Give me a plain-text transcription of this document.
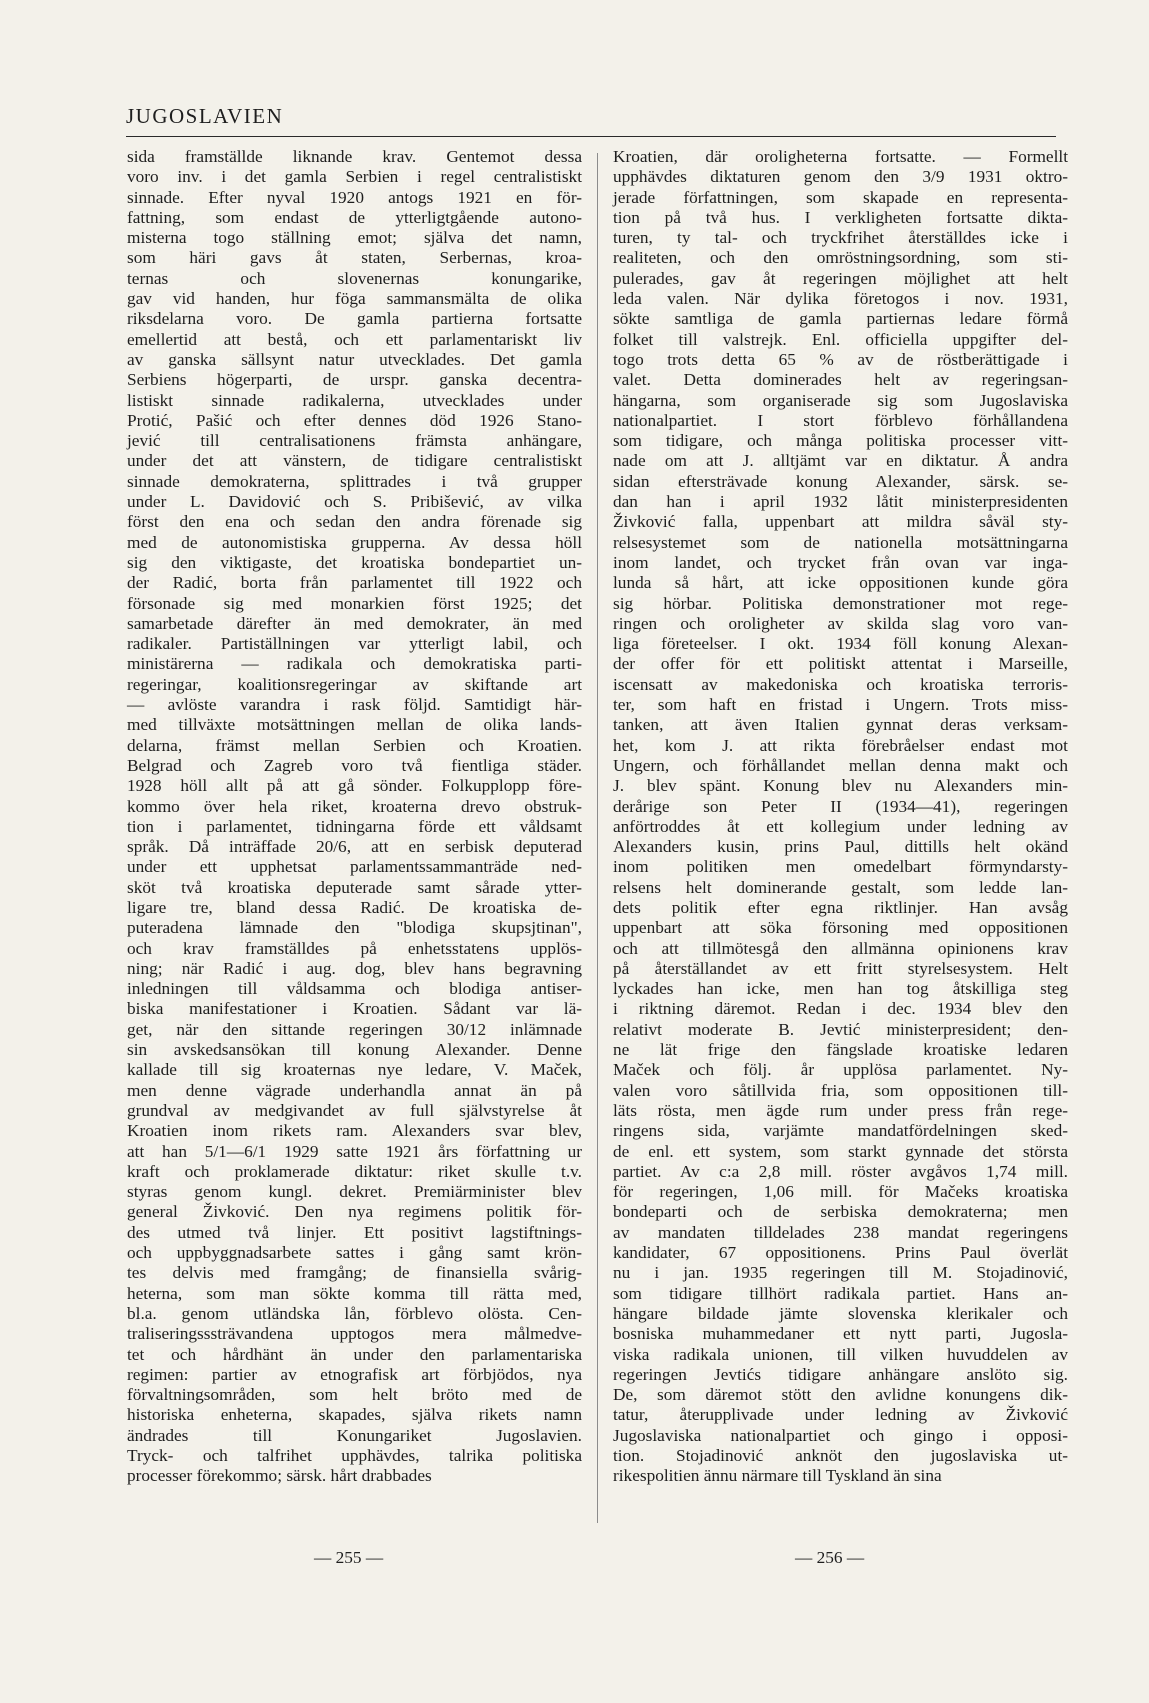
JUGOSLAVIEN
sida framställde liknande krav. Gentemot dessa
voro inv. i det gamla Serbien i regel centralistiskt
sinnade. Efter nyval 1920 antogs 1921 en för-
fattning, som endast de ytterligtgående autono-
misterna togo ställning emot; själva det namn,
som häri gavs åt staten, Serbernas, kroa-
ternas och slovenernas konungarike,
gav vid handen, hur föga sammansmälta de olika
riksdelarna voro. De gamla partierna fortsatte
emellertid att bestå, och ett parlamentariskt liv
av ganska sällsynt natur utvecklades. Det gamla
Serbiens högerparti, de urspr. ganska decentra-
listiskt sinnade radikalerna, utvecklades under
Protić, Pašić och efter dennes död 1926 Stano-
jević till centralisationens främsta anhängare,
under det att vänstern, de tidigare centralistiskt
sinnade demokraterna, splittrades i två grupper
under L. Davidović och S. Pribišević, av vilka
först den ena och sedan den andra förenade sig
med de autonomistiska grupperna. Av dessa höll
sig den viktigaste, det kroatiska bondepartiet un-
der Radić, borta från parlamentet till 1922 och
försonade sig med monarkien först 1925; det
samarbetade därefter än med demokrater, än med
radikaler. Partiställningen var ytterligt labil, och
ministärerna — radikala och demokratiska parti-
regeringar, koalitionsregeringar av skiftande art
— avlöste varandra i rask följd. Samtidigt här-
med tillväxte motsättningen mellan de olika lands-
delarna, främst mellan Serbien och Kroatien.
Belgrad och Zagreb voro två fientliga städer.
1928 höll allt på att gå sönder. Folkupplopp före-
kommo över hela riket, kroaterna drevo obstruk-
tion i parlamentet, tidningarna förde ett våldsamt
språk. Då inträffade 20/6, att en serbisk deputerad
under ett upphetsat parlamentssammanträde ned-
sköt två kroatiska deputerade samt sårade ytter-
ligare tre, bland dessa Radić. De kroatiska de-
puteradena lämnade den "blodiga skupsjtinan",
och krav framställdes på enhetsstatens upplös-
ning; när Radić i aug. dog, blev hans begravning
inledningen till våldsamma och blodiga antiser-
biska manifestationer i Kroatien. Sådant var lä-
get, när den sittande regeringen 30/12 inlämnade
sin avskedsansökan till konung Alexander. Denne
kallade till sig kroaternas nye ledare, V. Maček,
men denne vägrade underhandla annat än på
grundval av medgivandet av full självstyrelse åt
Kroatien inom rikets ram. Alexanders svar blev,
att han 5/1—6/1 1929 satte 1921 års författning ur
kraft och proklamerade diktatur: riket skulle t.v.
styras genom kungl. dekret. Premiärminister blev
general Živković. Den nya regimens politik för-
des utmed två linjer. Ett positivt lagstiftnings-
och uppbyggnadsarbete sattes i gång samt krön-
tes delvis med framgång; de finansiella svårig-
heterna, som man sökte komma till rätta med,
bl.a. genom utländska lån, förblevo olösta. Cen-
traliseringsssträvandena upptogos mera målmedve-
tet och hårdhänt än under den parlamentariska
regimen: partier av etnografisk art förbjödos, nya
förvaltningsområden, som helt bröto med de
historiska enheterna, skapades, själva rikets namn
ändrades till Konungariket Jugoslavien.
Tryck- och talfrihet upphävdes, talrika politiska
processer förekommo; särsk. hårt drabbades
Kroatien, där oroligheterna fortsatte. — Formellt
upphävdes diktaturen genom den 3/9 1931 oktro-
jerade författningen, som skapade en representa-
tion på två hus. I verkligheten fortsatte dikta-
turen, ty tal- och tryckfrihet återställdes icke i
realiteten, och den omröstningsordning, som sti-
pulerades, gav åt regeringen möjlighet att helt
leda valen. När dylika företogos i nov. 1931,
sökte samtliga de gamla partiernas ledare förmå
folket till valstrejk. Enl. officiella uppgifter del-
togo trots detta 65 % av de röstberättigade i
valet. Detta dominerades helt av regeringsan-
hängarna, som organiserade sig som Jugoslaviska
nationalpartiet. I stort förblevo förhållandena
som tidigare, och många politiska processer vitt-
nade om att J. alltjämt var en diktatur. Å andra
sidan eftersträvade konung Alexander, särsk. se-
dan han i april 1932 låtit ministerpresidenten
Živković falla, uppenbart att mildra såväl sty-
relsesystemet som de nationella motsättningarna
inom landet, och trycket från ovan var inga-
lunda så hårt, att icke oppositionen kunde göra
sig hörbar. Politiska demonstrationer mot rege-
ringen och oroligheter av skilda slag voro van-
liga företeelser. I okt. 1934 föll konung Alexan-
der offer för ett politiskt attentat i Marseille,
iscensatt av makedoniska och kroatiska terroris-
ter, som haft en fristad i Ungern. Trots miss-
tanken, att även Italien gynnat deras verksam-
het, kom J. att rikta förebråelser endast mot
Ungern, och förhållandet mellan denna makt och
J. blev spänt. Konung blev nu Alexanders min-
derårige son Peter II (1934—41), regeringen
anförtroddes åt ett kollegium under ledning av
Alexanders kusin, prins Paul, dittills helt okänd
inom politiken men omedelbart förmyndarsty-
relsens helt dominerande gestalt, som ledde lan-
dets politik efter egna riktlinjer. Han avsåg
uppenbart att söka försoning med oppositionen
och att tillmötesgå den allmänna opinionens krav
på återställandet av ett fritt styrelsesystem. Helt
lyckades han icke, men han tog åtskilliga steg
i riktning däremot. Redan i dec. 1934 blev den
relativt moderate B. Jevtić ministerpresident; den-
ne lät frige den fängslade kroatiske ledaren
Maček och följ. år upplösa parlamentet. Ny-
valen voro såtillvida fria, som oppositionen till-
läts rösta, men ägde rum under press från rege-
ringens sida, varjämte mandatfördelningen sked-
de enl. ett system, som starkt gynnade det största
partiet. Av c:a 2,8 mill. röster avgåvos 1,74 mill.
för regeringen, 1,06 mill. för Mačeks kroatiska
bondeparti och de serbiska demokraterna; men
av mandaten tilldelades 238 mandat regeringens
kandidater, 67 oppositionens. Prins Paul överlät
nu i jan. 1935 regeringen till M. Stojadinović,
som tidigare tillhört radikala partiet. Hans an-
hängare bildade jämte slovenska klerikaler och
bosniska muhammedaner ett nytt parti, Jugosla-
viska radikala unionen, till vilken huvuddelen av
regeringen Jevtićs tidigare anhängare anslöto sig.
De, som däremot stött den avlidne konungens dik-
tatur, återupplivade under ledning av Živković
Jugoslaviska nationalpartiet och gingo i opposi-
tion. Stojadinović anknöt den jugoslaviska ut-
rikespolitien ännu närmare till Tyskland än sina
— 255 —	— 256 —
